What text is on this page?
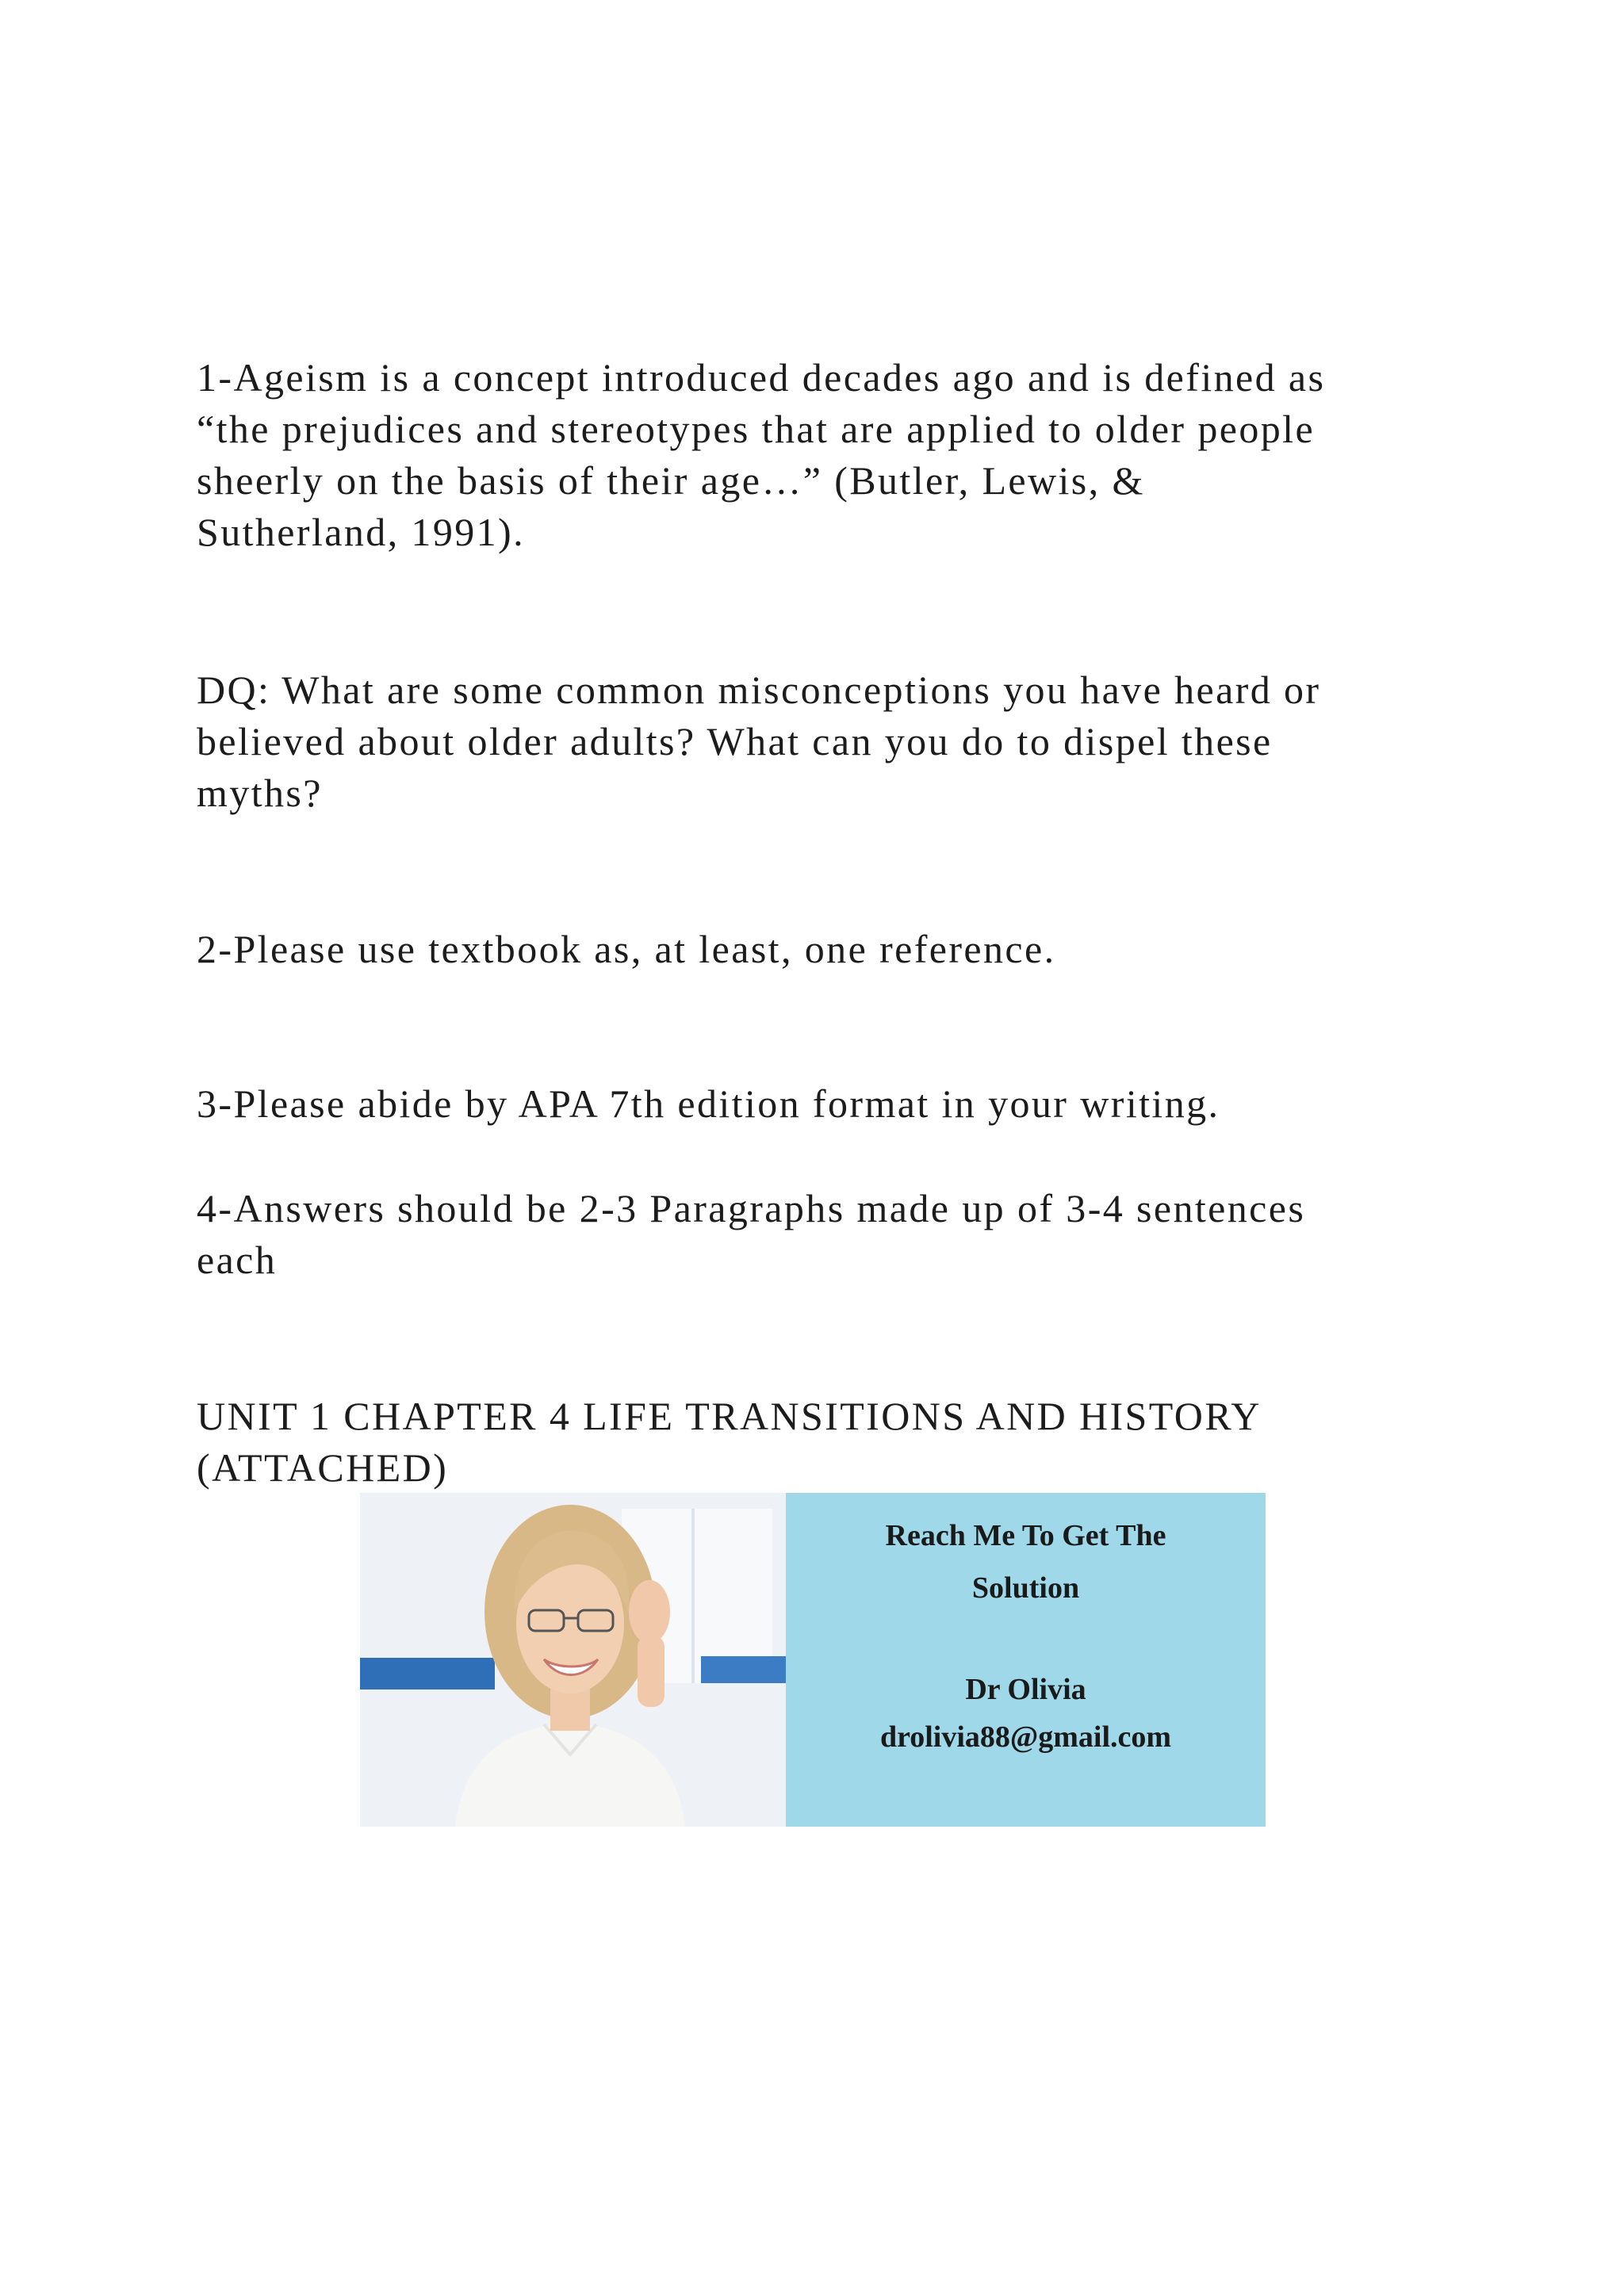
1-Ageism is a concept introduced decades ago and is defined as
“the prejudices and stereotypes that are applied to older people
sheerly on the basis of their age…” (Butler, Lewis, &
Sutherland, 1991).

DQ: What are some common misconceptions you have heard or
believed about older adults? What can you do to dispel these
myths?

2-Please use textbook as, at least, one reference.

3-Please abide by APA 7th edition format in your writing.

4-Answers should be 2-3 Paragraphs made up of 3-4 sentences
each

UNIT 1 CHAPTER 4 LIFE TRANSITIONS AND HISTORY
(ATTACHED)

Reach Me To Get The
Solution
Dr Olivia
drolivia88@gmail.com
